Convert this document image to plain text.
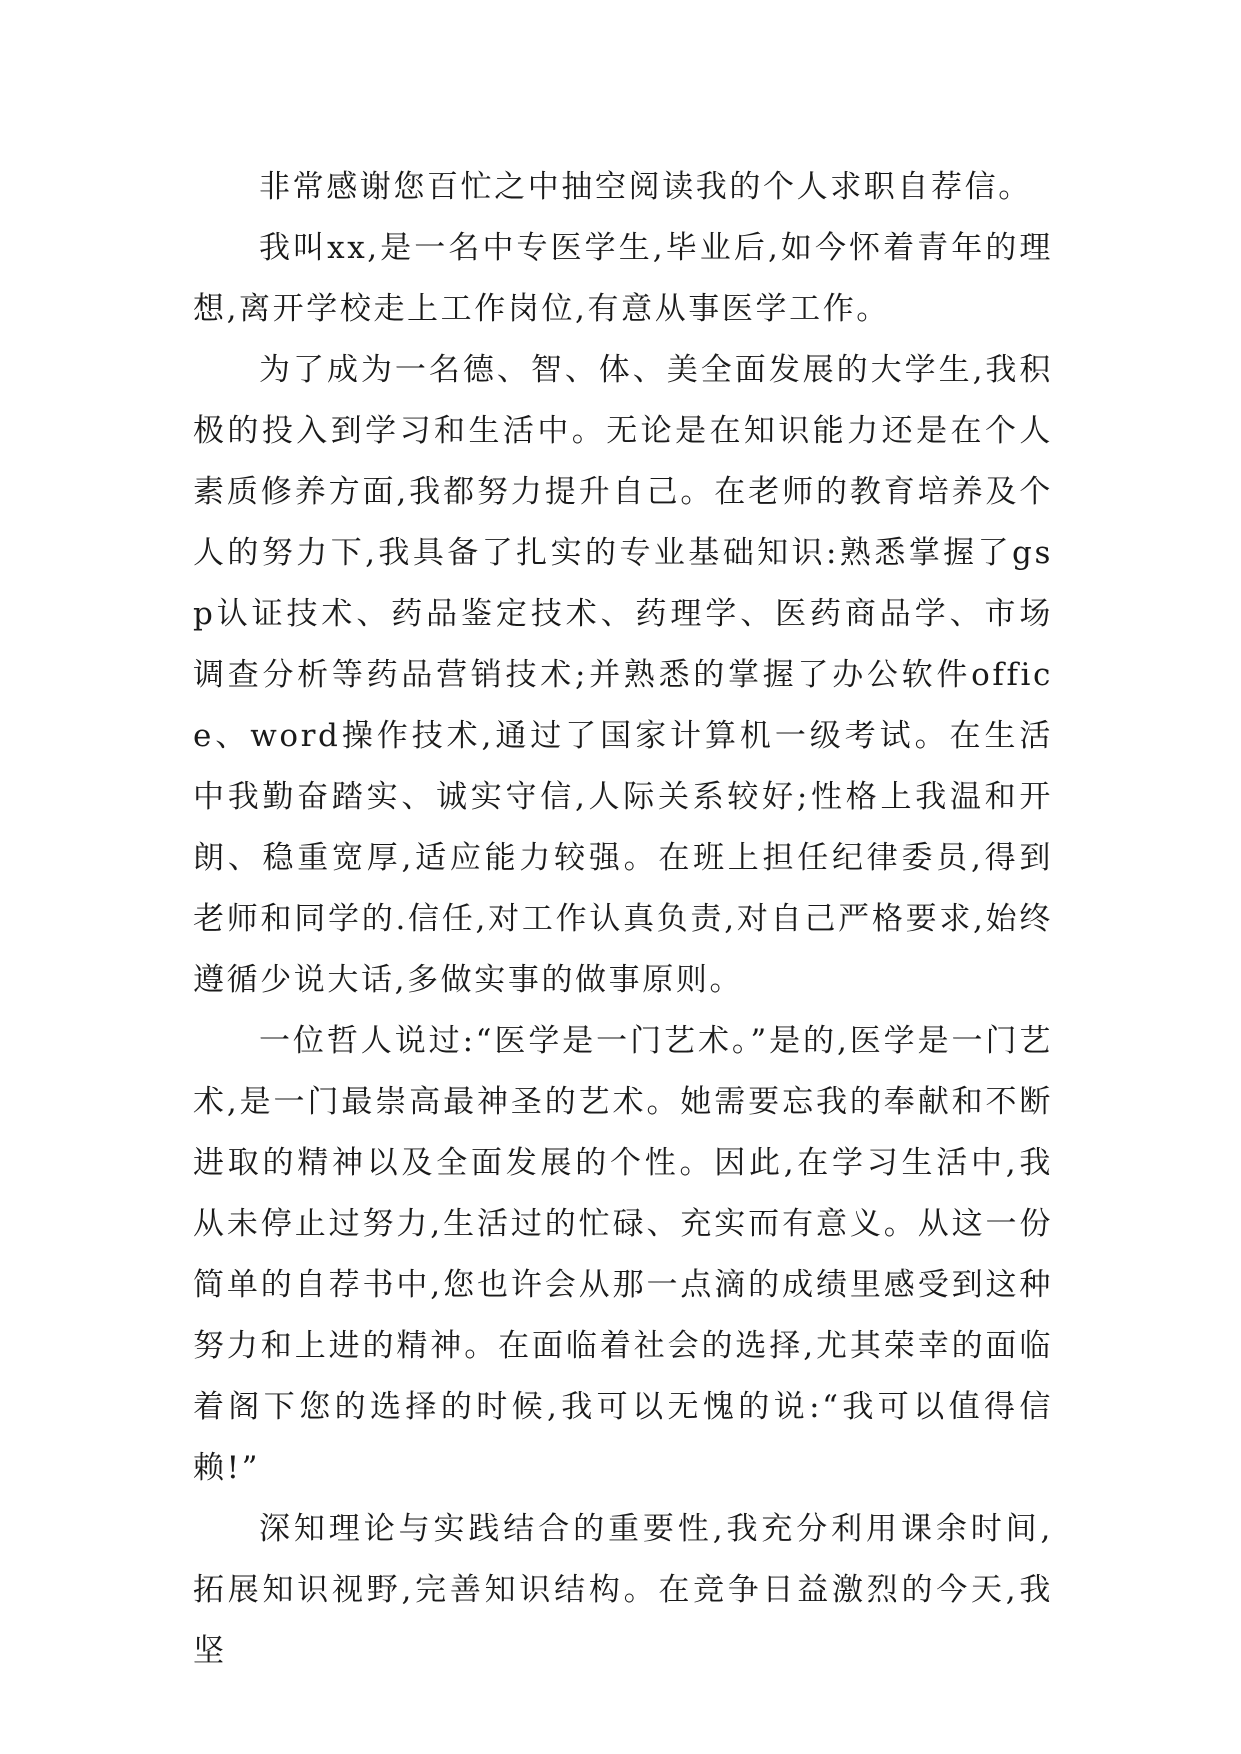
非常感谢您百忙之中抽空阅读我的个人求职自荐信。

我叫xx,是一名中专医学生,毕业后,如今怀着青年的理想,离开学校走上工作岗位,有意从事医学工作。

为了成为一名德、智、体、美全面发展的大学生,我积极的投入到学习和生活中。无论是在知识能力还是在个人素质修养方面,我都努力提升自己。在老师的教育培养及个人的努力下,我具备了扎实的专业基础知识:熟悉掌握了gsp认证技术、药品鉴定技术、药理学、医药商品学、市场调查分析等药品营销技术;并熟悉的掌握了办公软件office、word操作技术,通过了国家计算机一级考试。在生活中我勤奋踏实、诚实守信,人际关系较好;性格上我温和开朗、稳重宽厚,适应能力较强。在班上担任纪律委员,得到老师和同学的.信任,对工作认真负责,对自己严格要求,始终遵循少说大话,多做实事的做事原则。

一位哲人说过:“医学是一门艺术。”是的,医学是一门艺术,是一门最崇高最神圣的艺术。她需要忘我的奉献和不断进取的精神以及全面发展的个性。因此,在学习生活中,我从未停止过努力,生活过的忙碌、充实而有意义。从这一份简单的自荐书中,您也许会从那一点滴的成绩里感受到这种努力和上进的精神。在面临着社会的选择,尤其荣幸的面临着阁下您的选择的时候,我可以无愧的说:“我可以值得信赖!”

深知理论与实践结合的重要性,我充分利用课余时间,拓展知识视野,完善知识结构。在竞争日益激烈的今天,我坚
